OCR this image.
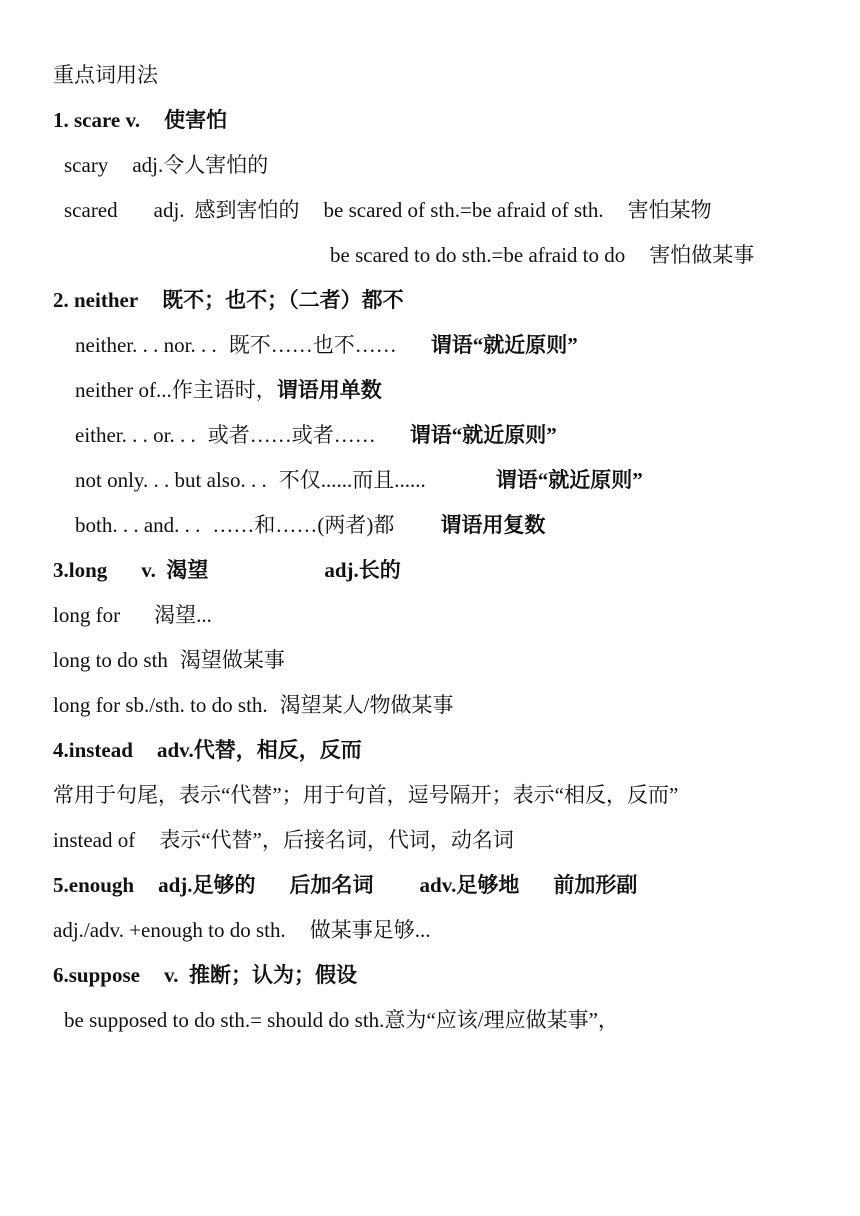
重点词用法
1. scare v. 使害怕
scary adj.令人害怕的
scared adj. 感到害怕的 be scared of sth.=be afraid of sth. 害怕某物
be scared to do sth.=be afraid to do 害怕做某事
2. neither 既不；也不；（二者）都不
neither. . . nor. . . 既不……也不…… 谓语“就近原则”
neither of...作主语时，谓语用单数
either. . . or. . . 或者……或者…… 谓语“就近原则”
not only. . . but also. . . 不仅......而且......	谓语“就近原则”
both. . . and. . . ……和……(两者)都 谓语用复数
3.long v.  渴望	adj.长的
long for 渴望...
long to do sth 渴望做某事
long for sb./sth. to do sth. 渴望某人/物做某事
4.instead adv.代替，相反，反而
常用于句尾，表示“代替”；用于句首，逗号隔开；表示“相反，反而”
instead of 表示“代替”，后接名词，代词，动名词
5.enough adj.足够的 后加名词 adv.足够地 前加形副
adj./adv. +enough to do sth. 做某事足够...
6.suppose v.  推断；认为；假设
be supposed to do sth.= should do sth.意为“应该/理应做某事”，
